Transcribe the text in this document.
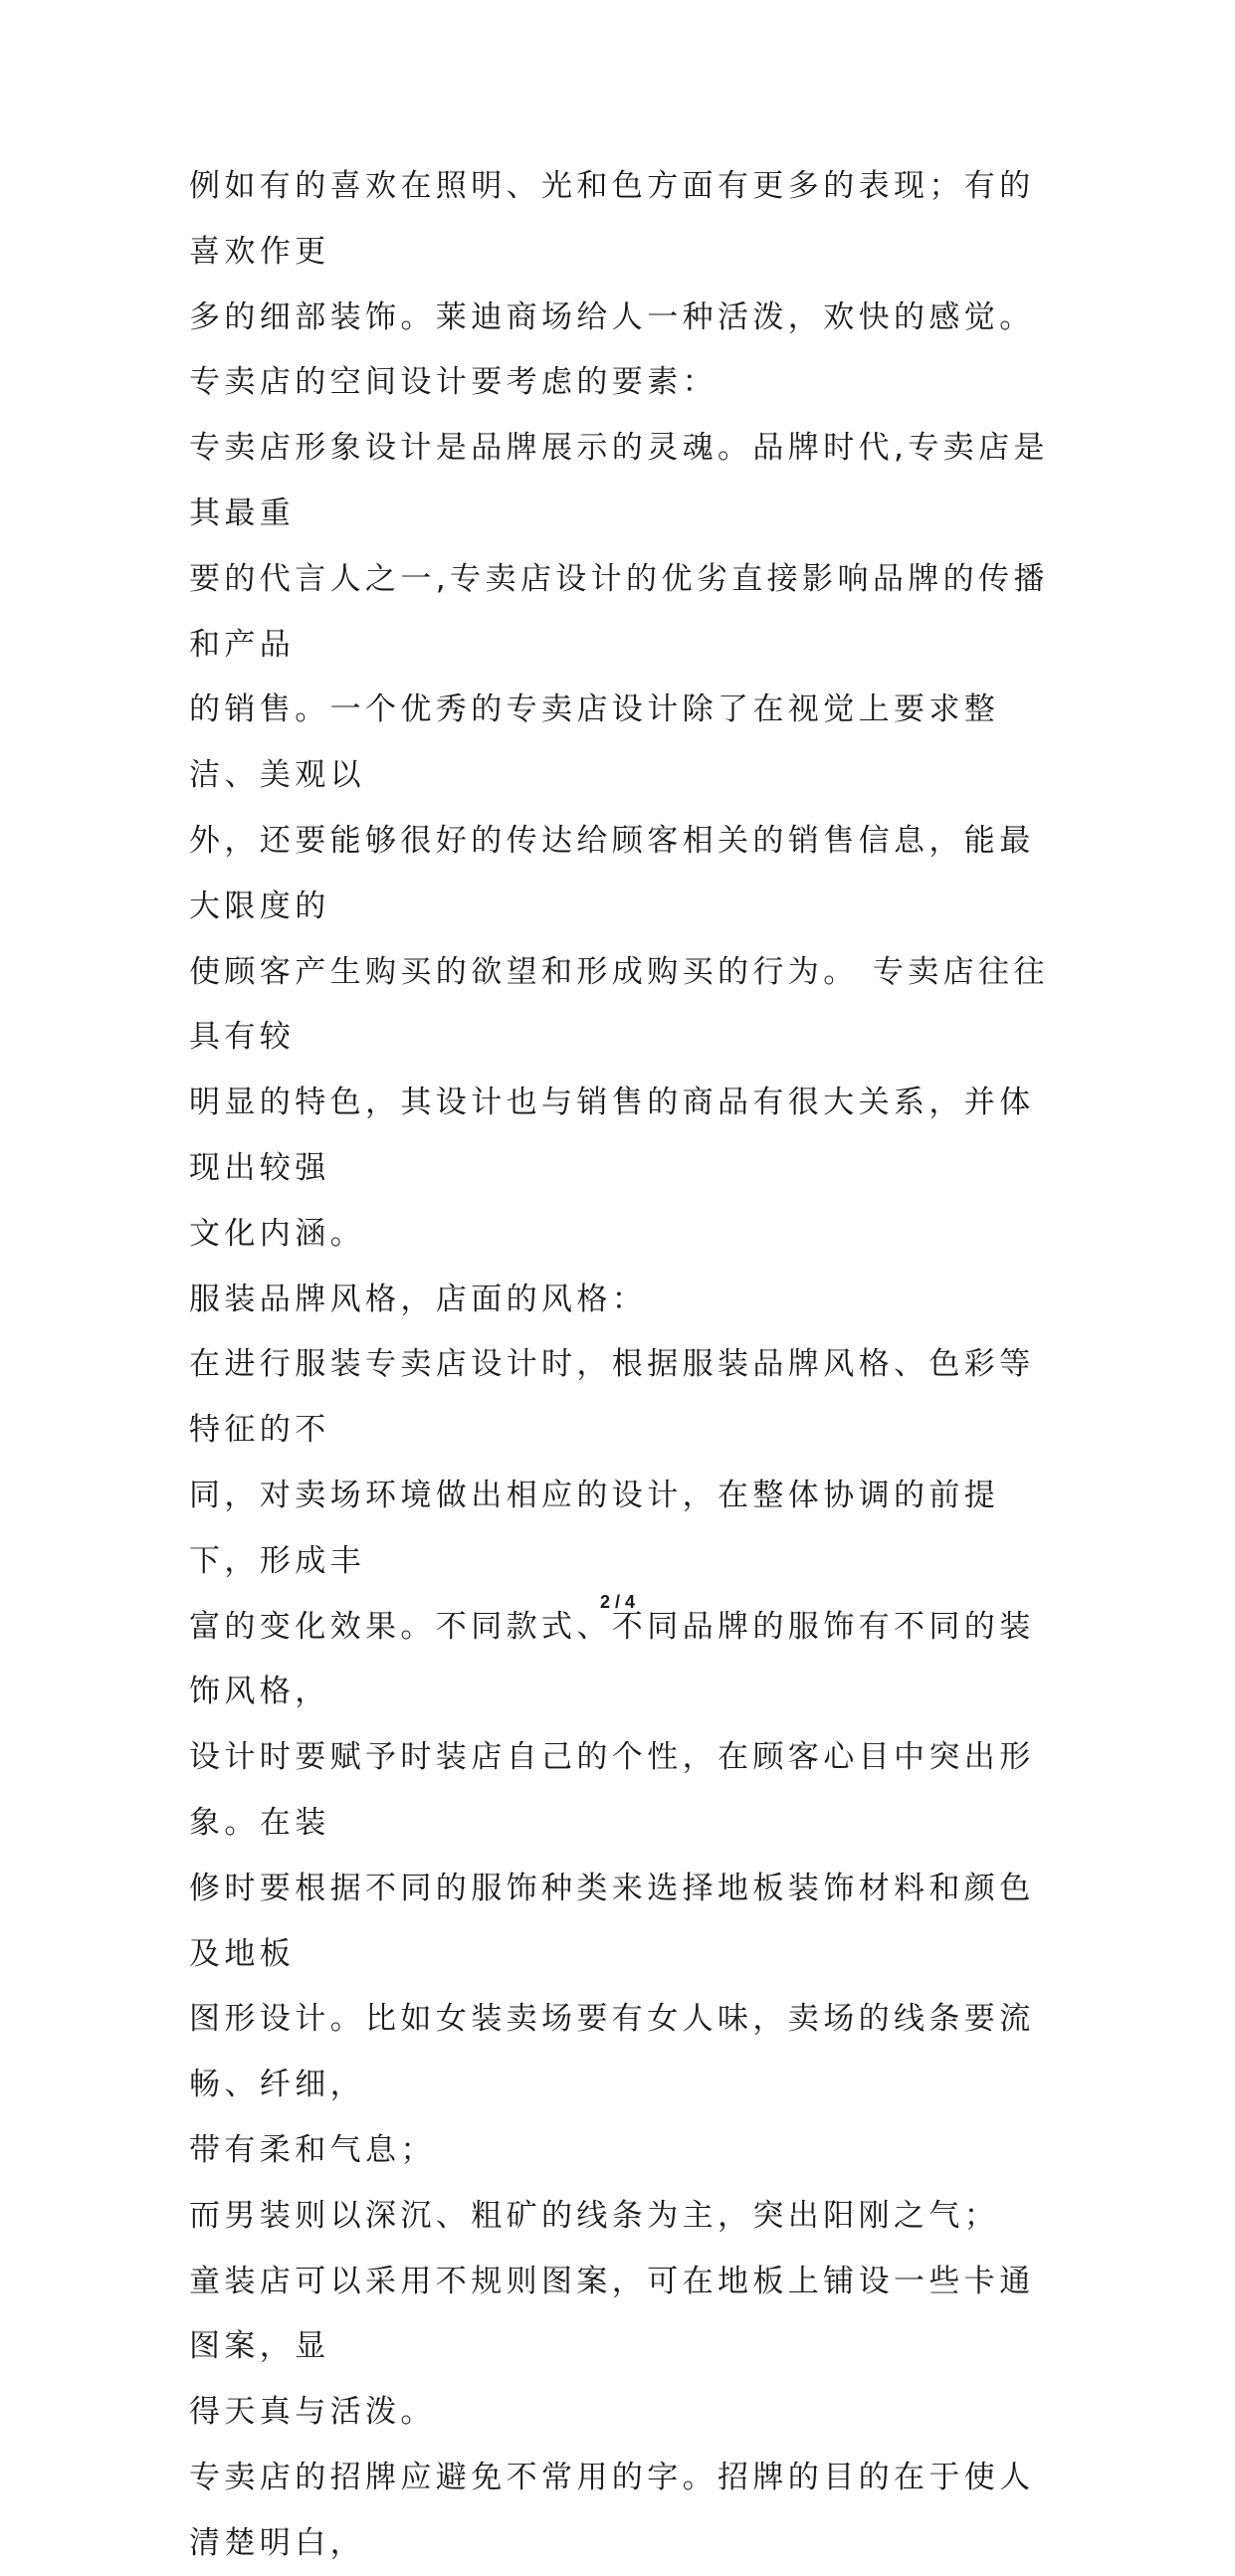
例如有的喜欢在照明、光和色方面有更多的表现；有的喜欢作更

多的细部装饰。莱迪商场给人一种活泼，欢快的感觉。

专卖店的空间设计要考虑的要素：

专卖店形象设计是品牌展示的灵魂。品牌时代,专卖店是其最重

要的代言人之一,专卖店设计的优劣直接影响品牌的传播和产品

的销售。一个优秀的专卖店设计除了在视觉上要求整洁、美观以

外，还要能够很好的传达给顾客相关的销售信息，能最大限度的

使顾客产生购买的欲望和形成购买的行为。 专卖店往往具有较

明显的特色，其设计也与销售的商品有很大关系，并体现出较强

文化内涵。

服装品牌风格，店面的风格：

在进行服装专卖店设计时，根据服装品牌风格、色彩等特征的不

同，对卖场环境做出相应的设计，在整体协调的前提下，形成丰

富的变化效果。不同款式、不同品牌的服饰有不同的装饰风格，

设计时要赋予时装店自己的个性，在顾客心目中突出形象。在装

修时要根据不同的服饰种类来选择地板装饰材料和颜色及地板

图形设计。比如女装卖场要有女人味，卖场的线条要流畅、纤细，

带有柔和气息；

而男装则以深沉、粗矿的线条为主，突出阳刚之气；

童装店可以采用不规则图案，可在地板上铺设一些卡通图案，显

得天真与活泼。

专卖店的招牌应避免不常用的字。招牌的目的在于使人清楚明白，

2 / 4
